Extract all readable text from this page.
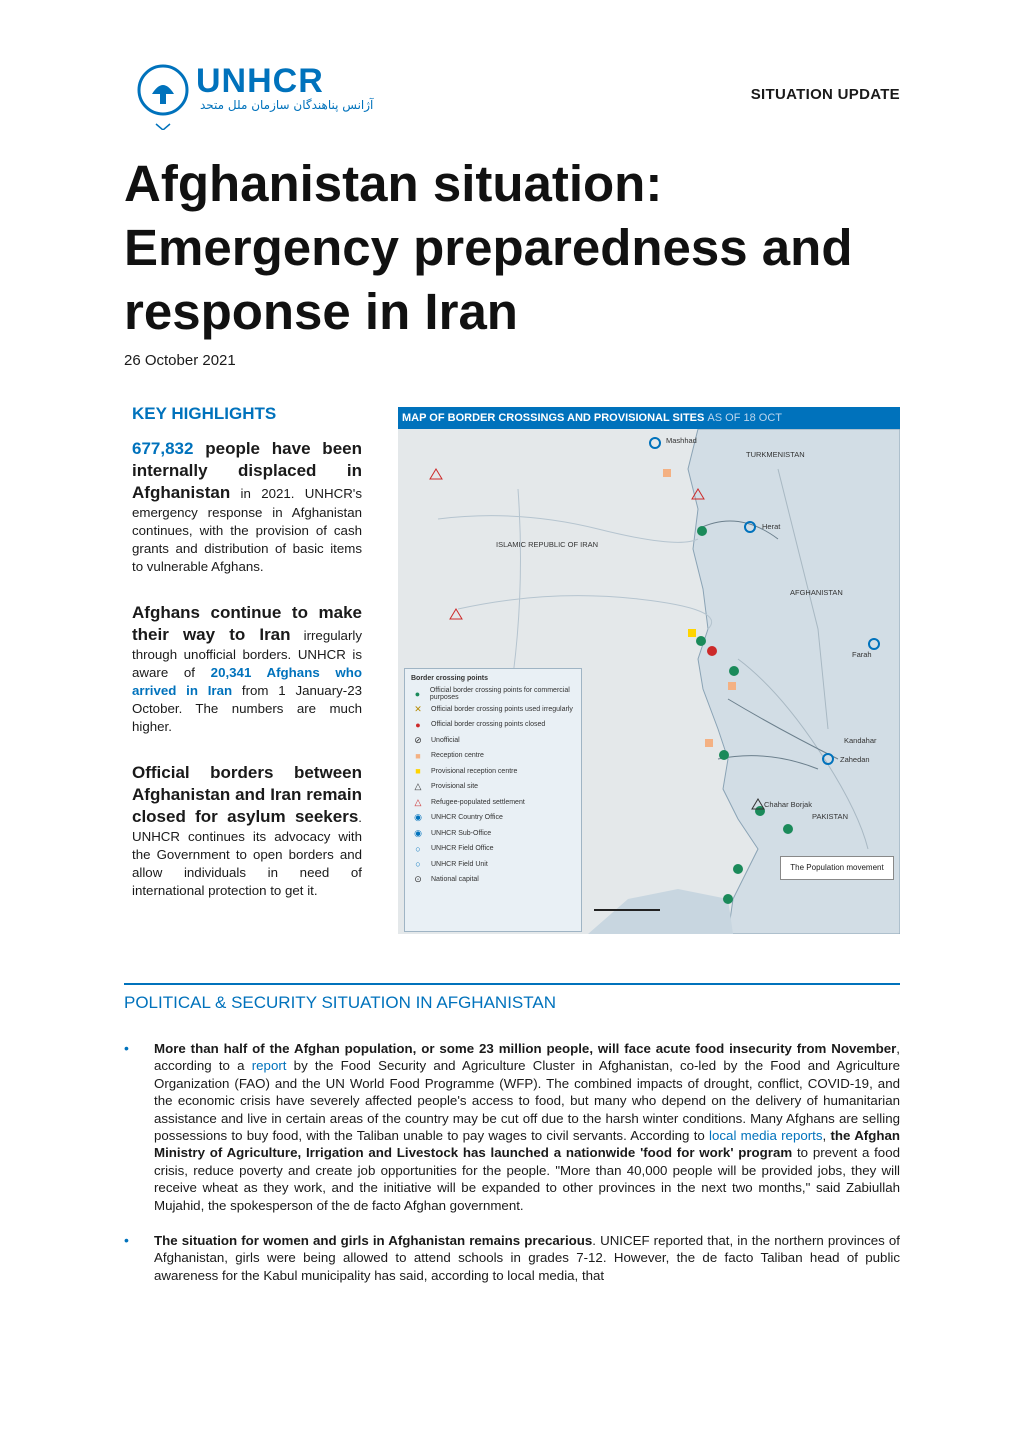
UNHCR
آژانس پناهندگان سازمان ملل متحد
SITUATION UPDATE
Afghanistan situation:
Emergency preparedness and
response in Iran
26 October 2021
KEY HIGHLIGHTS
677,832 people have been internally displaced in Afghanistan in 2021. UNHCR's emergency response in Afghanistan continues, with the provision of cash grants and distribution of basic items to vulnerable Afghans.
Afghans continue to make their way to Iran irregularly through unofficial borders. UNHCR is aware of 20,341 Afghans who arrived in Iran from 1 January-23 October. The numbers are much higher.
Official borders between Afghanistan and Iran remain closed for asylum seekers. UNHCR continues its advocacy with the Government to open borders and allow individuals in need of international protection to get it.
MAP OF BORDER CROSSINGS AND PROVISIONAL SITES AS OF 18 OCT
TURKMENISTAN
Mashhad
ISLAMIC REPUBLIC OF IRAN
Herat
Farah
Kandahar
Chahar Borjak
Zahedan
AFGHANISTAN
PAKISTAN
The Population movement
Border crossing points
● Official border crossing points for commercial purposes
✕ Official border crossing points used irregularly
●	Official border crossing points closed
⊘ Unofficial
■	Reception centre
■	Provisional reception centre
△ Provisional site
△ Refugee-populated settlement
◉ UNHCR Country Office
◉ UNHCR Sub-Office
○	UNHCR Field Office
○	UNHCR Field Unit
⊙ National capital
POLITICAL & SECURITY SITUATION IN AFGHANISTAN
•	More than half of the Afghan population, or some 23 million people, will face acute food insecurity from November, according to a report by the Food Security and Agriculture Cluster in Afghanistan, co-led by the Food and Agriculture Organization (FAO) and the UN World Food Programme (WFP). The combined impacts of drought, conflict, COVID-19, and the economic crisis have severely affected people's access to food, but many who depend on the delivery of humanitarian assistance and live in certain areas of the country may be cut off due to the harsh winter conditions. Many Afghans are selling possessions to buy food, with the Taliban unable to pay wages to civil servants. According to local media reports, the Afghan Ministry of Agriculture, Irrigation and Livestock has launched a nationwide 'food for work' program to prevent a food crisis, reduce poverty and create job opportunities for the people. "More than 40,000 people will be provided jobs, they will receive wheat as they work, and the initiative will be expanded to other provinces in the next two months," said Zabiullah Mujahid, the spokesperson of the de facto Afghan government.
•	The situation for women and girls in Afghanistan remains precarious. UNICEF reported that, in the northern provinces of Afghanistan, girls were being allowed to attend schools in grades 7-12. However, the de facto Taliban head of public awareness for the Kabul municipality has said, according to local media, that
